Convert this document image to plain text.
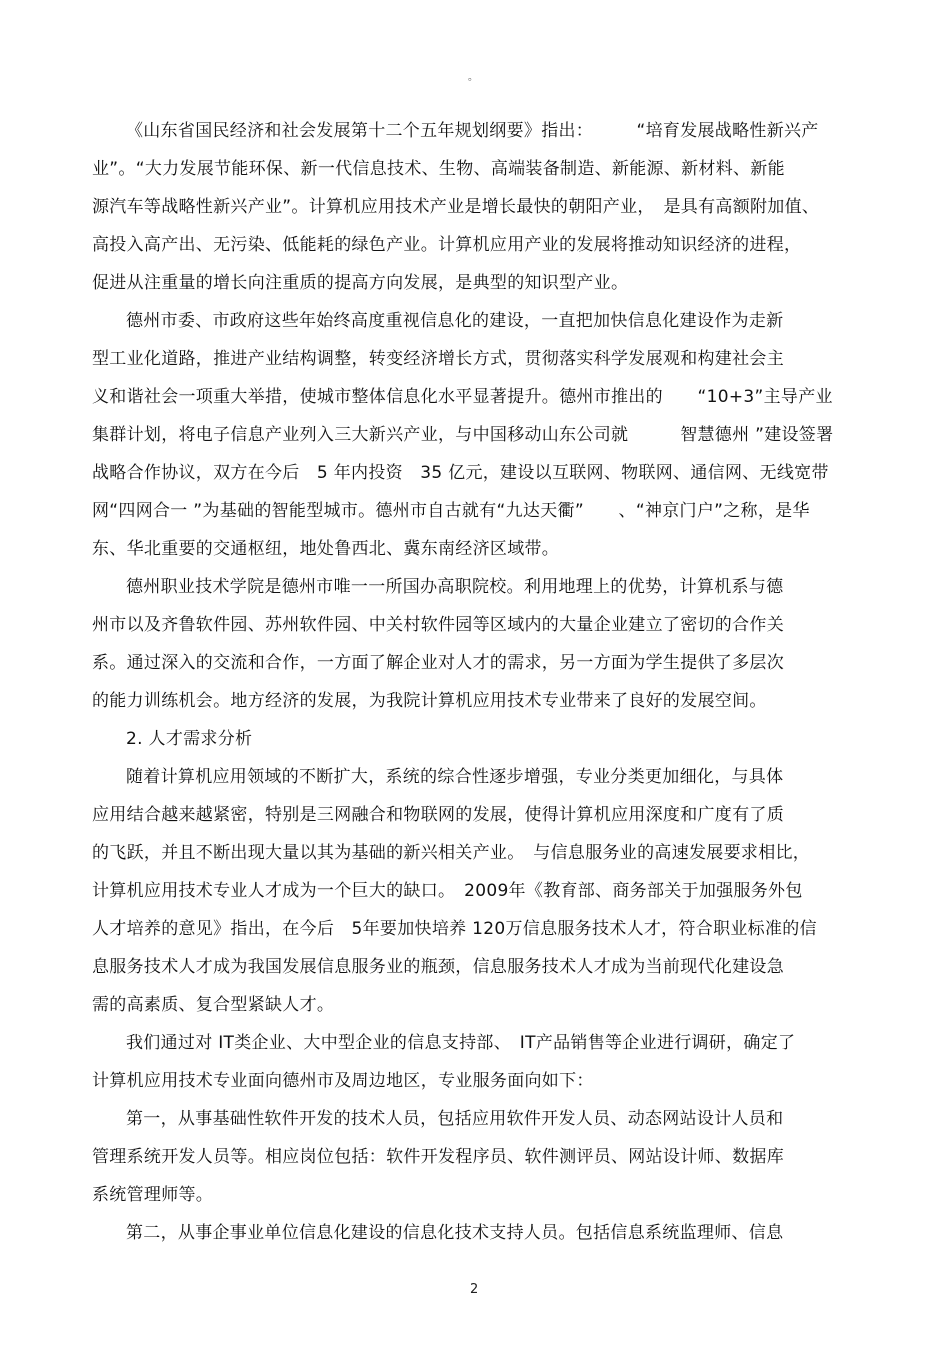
。
《山东省国民经济和社会发展第十二个五年规划纲要》指出：　　　“培育发展战略性新兴产
业”。“大力发展节能环保、新一代信息技术、生物、高端装备制造、新能源、新材料、新能
源汽车等战略性新兴产业”。计算机应用技术产业是增长最快的朝阳产业，　是具有高额附加值、
高投入高产出、无污染、低能耗的绿色产业。计算机应用产业的发展将推动知识经济的进程，
促进从注重量的增长向注重质的提高方向发展，是典型的知识型产业。
德州市委、市政府这些年始终高度重视信息化的建设，一直把加快信息化建设作为走新
型工业化道路，推进产业结构调整，转变经济增长方式，贯彻落实科学发展观和构建社会主
义和谐社会一项重大举措，使城市整体信息化水平显著提升。德州市推出的　　“10+3”主导产业
集群计划，将电子信息产业列入三大新兴产业，与中国移动山东公司就　　　智慧德州 ”建设签署
战略合作协议，双方在今后　5 年内投资　35 亿元，建设以互联网、物联网、通信网、无线宽带
网“四网合一 ”为基础的智能型城市。德州市自古就有“九达天衢”　　、“神京门户”之称，是华
东、华北重要的交通枢纽，地处鲁西北、冀东南经济区域带。
德州职业技术学院是德州市唯一一所国办高职院校。利用地理上的优势，计算机系与德
州市以及齐鲁软件园、苏州软件园、中关村软件园等区域内的大量企业建立了密切的合作关
系。通过深入的交流和合作，一方面了解企业对人才的需求，另一方面为学生提供了多层次
的能力训练机会。地方经济的发展，为我院计算机应用技术专业带来了良好的发展空间。
2. 人才需求分析
随着计算机应用领域的不断扩大，系统的综合性逐步增强，专业分类更加细化，与具体
应用结合越来越紧密，特别是三网融合和物联网的发展，使得计算机应用深度和广度有了质
的飞跃，并且不断出现大量以其为基础的新兴相关产业。　与信息服务业的高速发展要求相比，
计算机应用技术专业人才成为一个巨大的缺口。　2009年《教育部、商务部关于加强服务外包
人才培养的意见》指出，在今后　5年要加快培养 120万信息服务技术人才，符合职业标准的信
息服务技术人才成为我国发展信息服务业的瓶颈，信息服务技术人才成为当前现代化建设急
需的高素质、复合型紧缺人才。
我们通过对 IT类企业、大中型企业的信息支持部、　IT产品销售等企业进行调研，确定了
计算机应用技术专业面向德州市及周边地区，专业服务面向如下：
第一，从事基础性软件开发的技术人员，包括应用软件开发人员、动态网站设计人员和
管理系统开发人员等。相应岗位包括：软件开发程序员、软件测评员、网站设计师、数据库
系统管理师等。
第二，从事企事业单位信息化建设的信息化技术支持人员。包括信息系统监理师、信息
2
